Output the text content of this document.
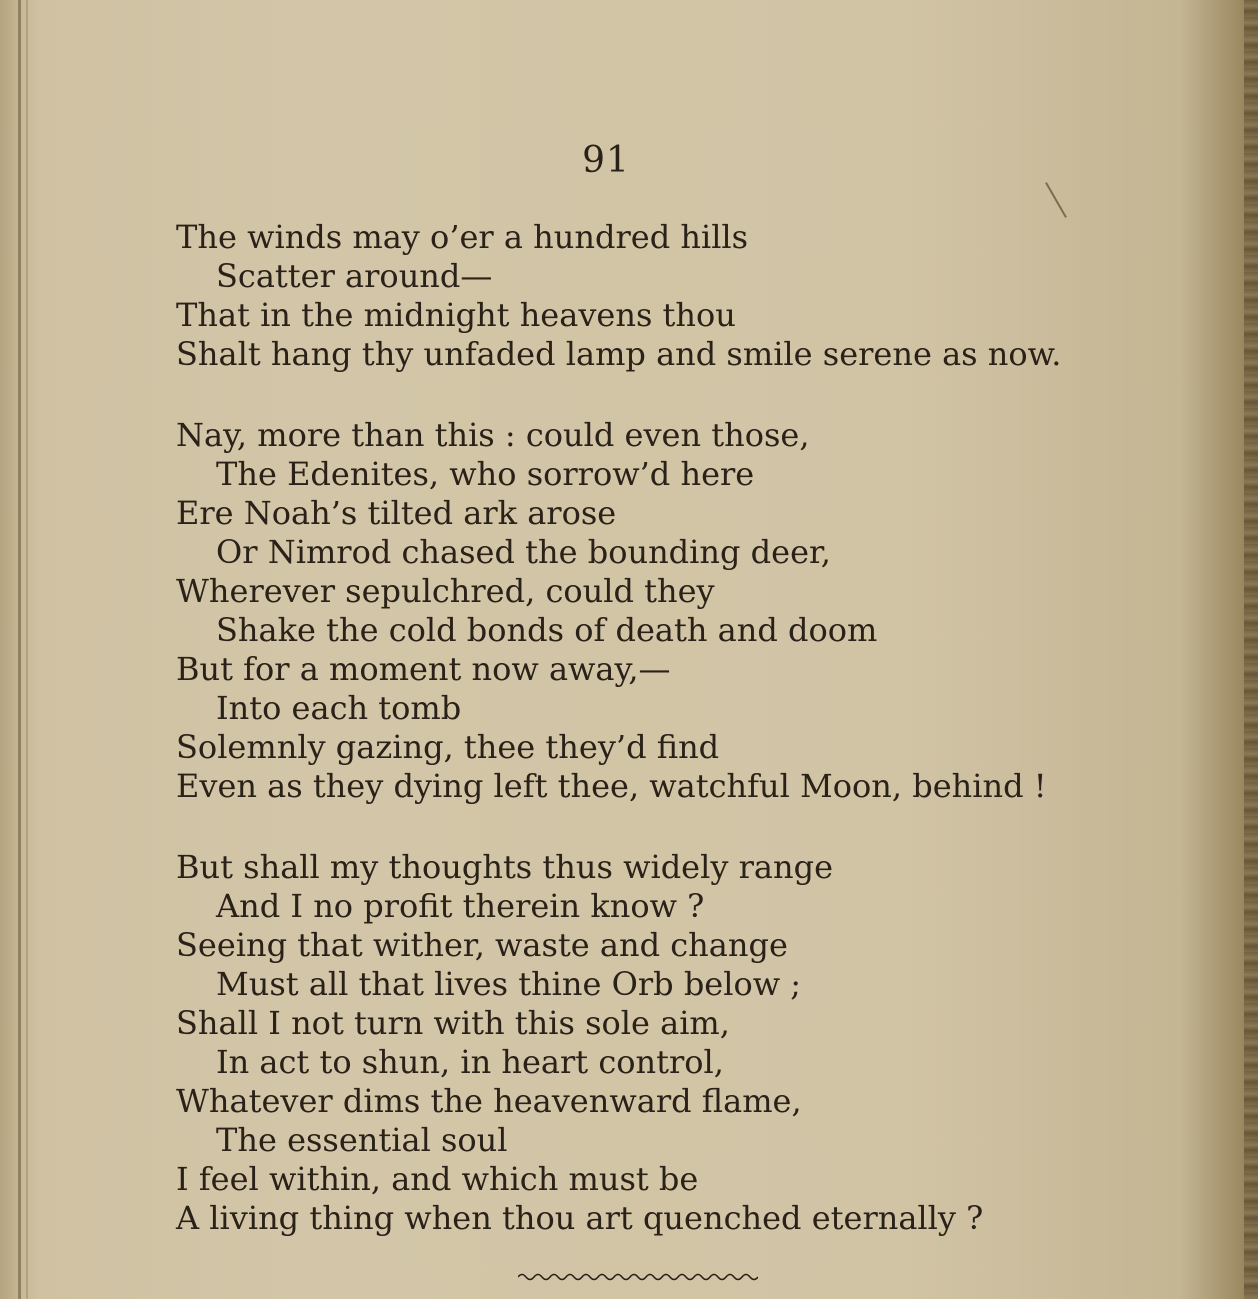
91
The winds may o’er a hundred hills
Scatter around—
That in the midnight heavens thou
Shalt hang thy unfaded lamp and smile serene as now.
Nay, more than this : could even those,
The Edenites, who sorrow’d here
Ere Noah’s tilted ark arose
Or Nimrod chased the bounding deer,
Wherever sepulchred, could they
Shake the cold bonds of death and doom
But for a moment now away,—
Into each tomb
Solemnly gazing, thee they’d find
Even as they dying left thee, watchful Moon, behind !
But shall my thoughts thus widely range
And I no profit therein know ?
Seeing that wither, waste and change
Must all that lives thine Orb below ;
Shall I not turn with this sole aim,
In act to shun, in heart control,
Whatever dims the heavenward flame,
The essential soul
I feel within, and which must be
A living thing when thou art quenched eternally ?
